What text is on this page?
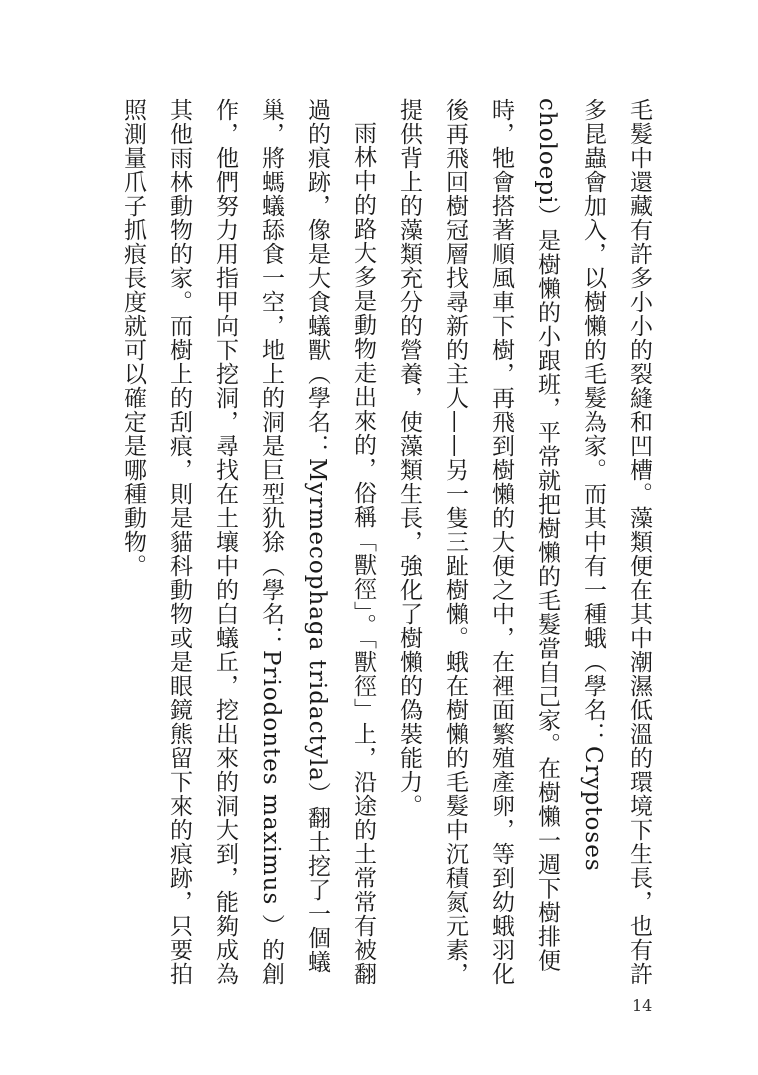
毛髮中還藏有許多小小的裂縫和凹槽。藻類便在其中潮濕低溫的環境下生長，也有許多昆蟲會加入，以樹懶的毛髮為家。而其中有一種蛾（學名：Cryptoses choloepi）是樹懶的小跟班，平常就把樹懶的毛髮當自己家。在樹懶一週下樹排便時，牠會搭著順風車下樹，再飛到樹懶的大便之中，在裡面繁殖產卵，等到幼蛾羽化後再飛回樹冠層找尋新的主人——另一隻三趾樹懶。蛾在樹懶的毛髮中沉積氮元素，提供背上的藻類充分的營養，使藻類生長，強化了樹懶的偽裝能力。

雨林中的路大多是動物走出來的，俗稱「獸徑」。「獸徑」上，沿途的土常常有被翻過的痕跡，像是大食蟻獸（學名：Myrmecophaga tridactyla）翻土挖了一個蟻巢，將螞蟻舔食一空，地上的洞是巨型犰狳（學名：Priodontes maximus ）的創作，他們努力用指甲向下挖洞，尋找在土壤中的白蟻丘，挖出來的洞大到，能夠成為其他雨林動物的家。而樹上的刮痕，則是貓科動物或是眼鏡熊留下來的痕跡，只要拍照測量爪子抓痕長度就可以確定是哪種動物。

14
